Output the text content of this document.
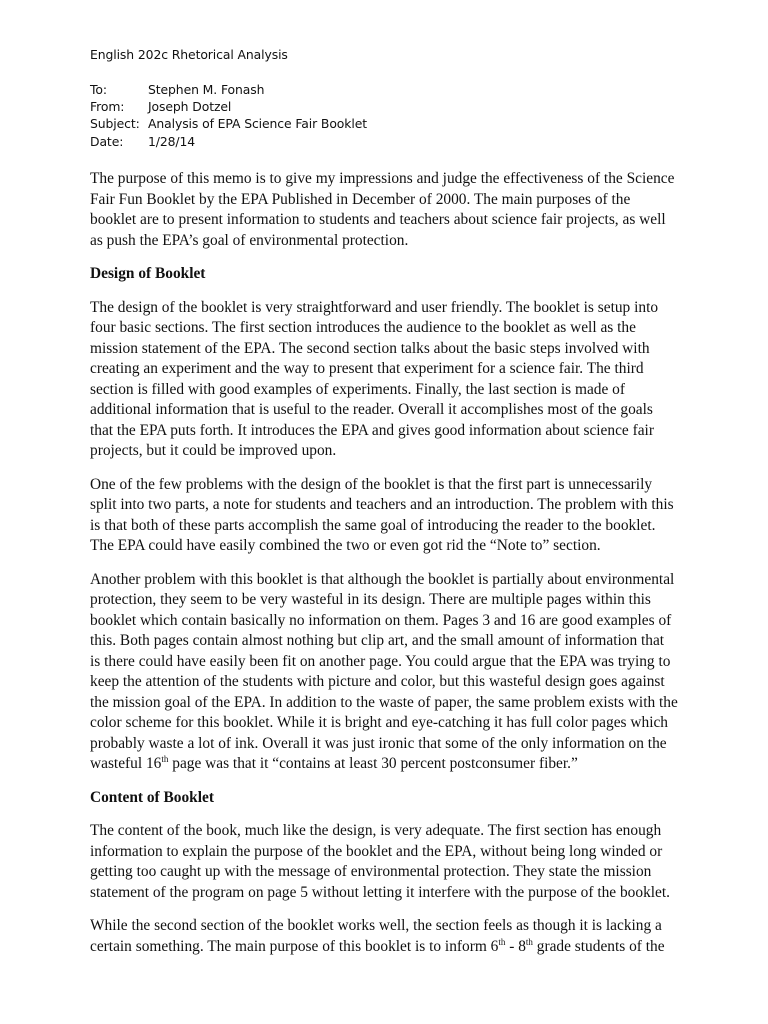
English 202c Rhetorical Analysis
To:	Stephen M. Fonash
From:	Joseph Dotzel
Subject: Analysis of EPA Science Fair Booklet
Date:	1/28/14

The purpose of this memo is to give my impressions and judge the effectiveness of the Science Fair Fun Booklet by the EPA Published in December of 2000. The main purposes of the booklet are to present information to students and teachers about science fair projects, as well as push the EPA’s goal of environmental protection.

Design of Booklet

The design of the booklet is very straightforward and user friendly. The booklet is setup into four basic sections. The first section introduces the audience to the booklet as well as the mission statement of the EPA. The second section talks about the basic steps involved with creating an experiment and the way to present that experiment for a science fair. The third section is filled with good examples of experiments. Finally, the last section is made of additional information that is useful to the reader. Overall it accomplishes most of the goals that the EPA puts forth. It introduces the EPA and gives good information about science fair projects, but it could be improved upon.

One of the few problems with the design of the booklet is that the first part is unnecessarily split into two parts, a note for students and teachers and an introduction. The problem with this is that both of these parts accomplish the same goal of introducing the reader to the booklet. The EPA could have easily combined the two or even got rid the “Note to” section.

Another problem with this booklet is that although the booklet is partially about environmental protection, they seem to be very wasteful in its design. There are multiple pages within this booklet which contain basically no information on them. Pages 3 and 16 are good examples of this. Both pages contain almost nothing but clip art, and the small amount of information that is there could have easily been fit on another page. You could argue that the EPA was trying to keep the attention of the students with picture and color, but this wasteful design goes against the mission goal of the EPA. In addition to the waste of paper, the same problem exists with the color scheme for this booklet. While it is bright and eye-catching it has full color pages which probably waste a lot of ink. Overall it was just ironic that some of the only information on the wasteful 16th page was that it “contains at least 30 percent postconsumer fiber.”

Content of Booklet

The content of the book, much like the design, is very adequate. The first section has enough information to explain the purpose of the booklet and the EPA, without being long winded or getting too caught up with the message of environmental protection. They state the mission statement of the program on page 5 without letting it interfere with the purpose of the booklet.

While the second section of the booklet works well, the section feels as though it is lacking a certain something. The main purpose of this booklet is to inform 6th - 8th grade students of the
